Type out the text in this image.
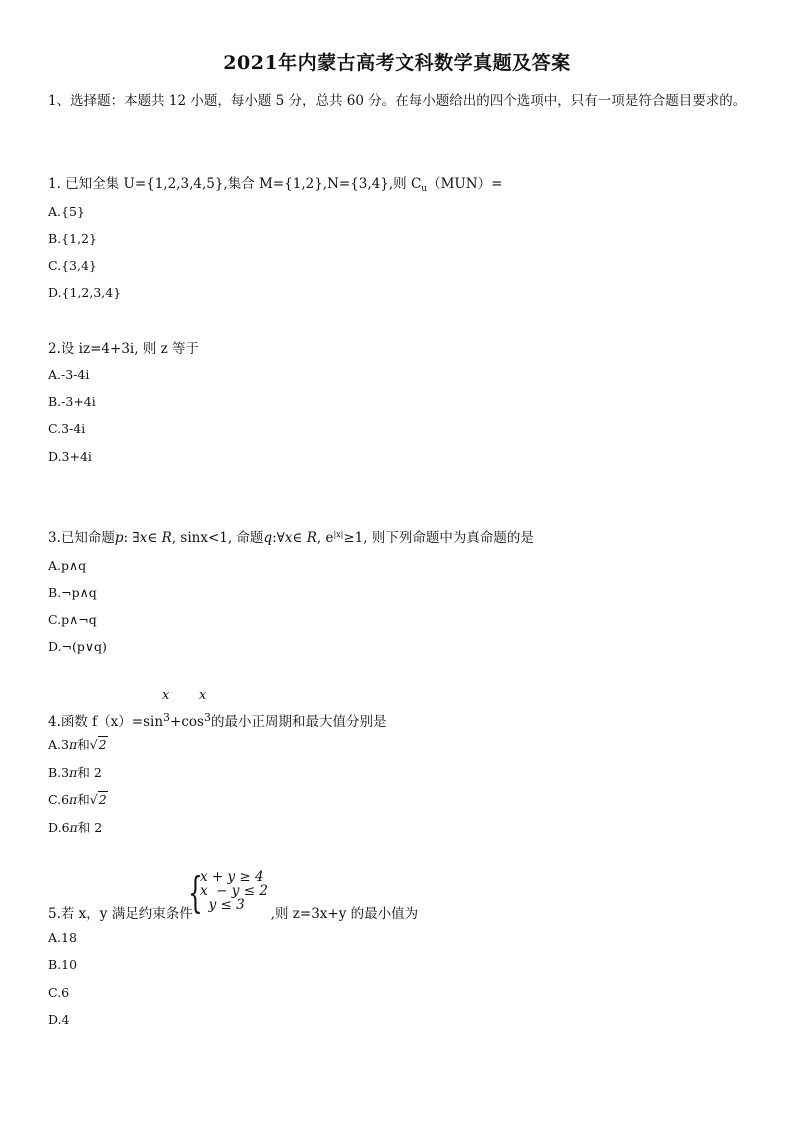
2021年内蒙古高考文科数学真题及答案
1、选择题：本题共 12 小题，每小题 5 分，总共 60 分。在每小题给出的四个选项中，只有一项是符合题目要求的。
1. 已知全集 U={1,2,3,4,5},集合 M={1,2},N={3,4},则 $C_u(MUN)=$
A.{5}
B.{1,2}
C.{3,4}
D.{1,2,3,4}
2.设 iz=4+3i, 则 z 等于
A.-3-4i
B.-3+4i
C.3-4i
D.3+4i
3.已知命题p: ∃x∈ R, sinx<1, 命题q:∀x∈ R, $e^{|x|}\ge 1$, 则下列命题中为真命题的是
A.p∧q
B.¬p∧q
C.p∧¬q
D.¬(p∨q)
x x
4.函数 $f(x)=\sin^3+\cos^3$的最小正周期和最大值分别是
A.3π和√2
B.3π和 2
C.6π和√2
D.6π和 2
{
x + y ≥ 4
x  − y ≤ 2
y ≤ 3
5.若 x，y 满足约束条件	,则 z=3x+y 的最小值为
A.18
B.10
C.6
D.4
